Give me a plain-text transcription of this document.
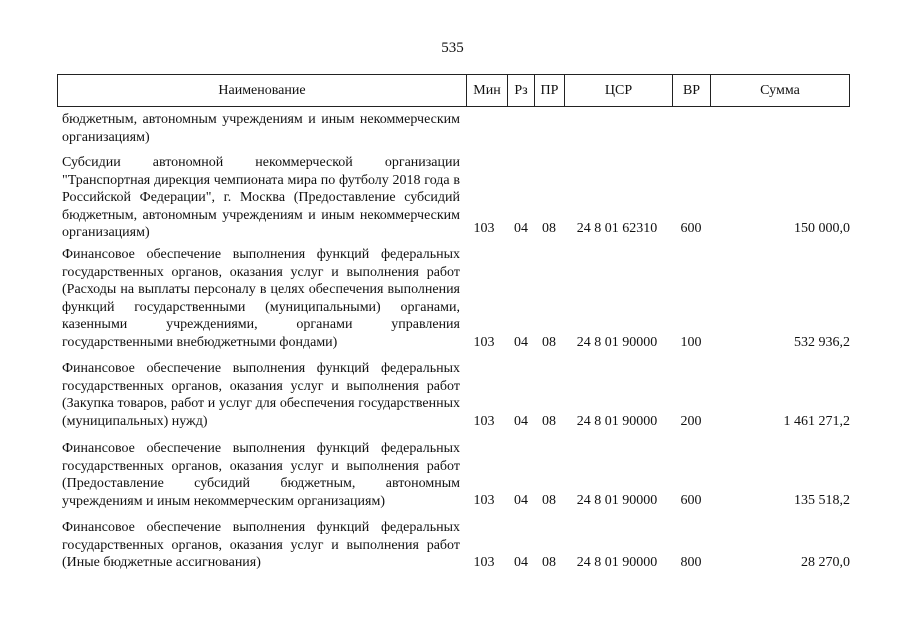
535
Наименование	Мин Рз ПР	ЦСР	ВР	Сумма
бюджетным, автономным учреждениям и иным некоммерческим организациям)
Субсидии автономной некоммерческой организации "Транспортная дирекция чемпионата мира по футболу 2018 года в Российской Федерации", г. Москва (Предоставление субсидий бюджетным, автономным учреждениям и иным некоммерческим организациям)	103 04 08	24 8 01 62310	600	150 000,0
Финансовое обеспечение выполнения функций федеральных государственных органов, оказания услуг и выполнения работ (Расходы на выплаты персоналу в целях обеспечения выполнения функций государственными (муниципальными) органами, казенными учреждениями, органами управления государственными внебюджетными фондами)	103 04 08	24 8 01 90000	100	532 936,2
Финансовое обеспечение выполнения функций федеральных государственных органов, оказания услуг и выполнения работ (Закупка товаров, работ и услуг для обеспечения государственных (муниципальных) нужд)	103 04 08	24 8 01 90000	200	1 461 271,2
Финансовое обеспечение выполнения функций федеральных государственных органов, оказания услуг и выполнения работ (Предоставление субсидий бюджетным, автономным учреждениям и иным некоммерческим организациям)	103 04 08	24 8 01 90000	600	135 518,2
Финансовое обеспечение выполнения функций федеральных государственных органов, оказания услуг и выполнения работ (Иные бюджетные ассигнования)	103 04 08	24 8 01 90000	800	28 270,0
